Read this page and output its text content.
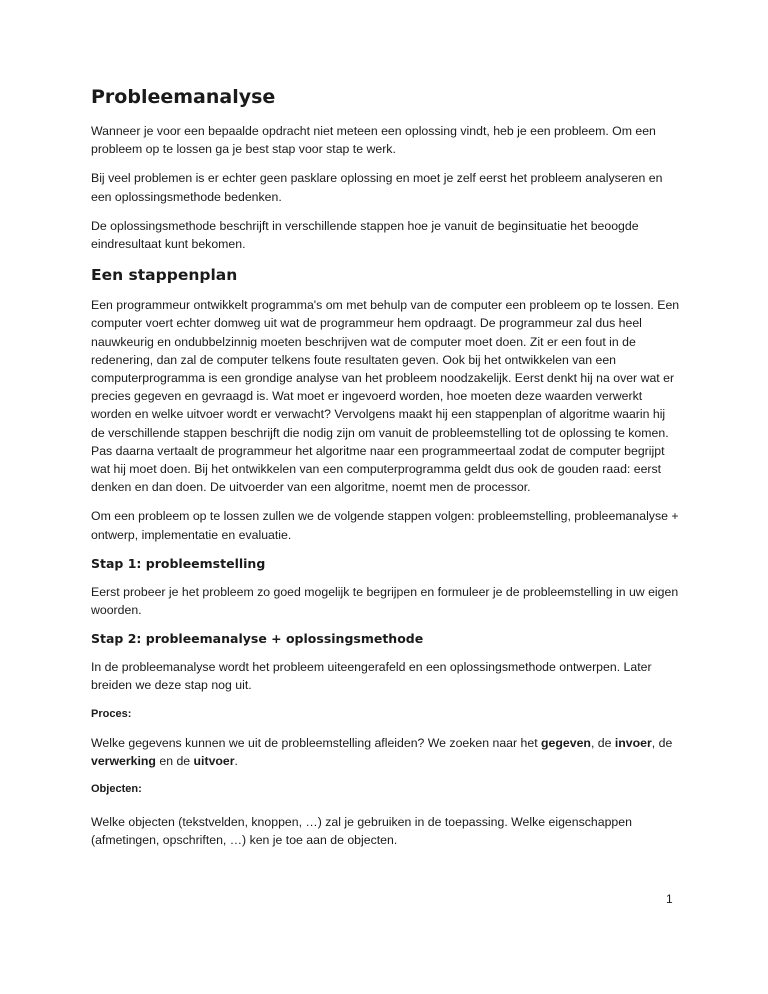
Probleemanalyse

Wanneer je voor een bepaalde opdracht niet meteen een oplossing vindt, heb je een probleem. Om een probleem op te lossen ga je best stap voor stap te werk.

Bij veel problemen is er echter geen pasklare oplossing en moet je zelf eerst het probleem analyseren en een oplossingsmethode bedenken.

De oplossingsmethode beschrijft in verschillende stappen hoe je vanuit de beginsituatie het beoogde eindresultaat kunt bekomen.

Een stappenplan

Een programmeur ontwikkelt programma's om met behulp van de computer een probleem op te lossen. Een computer voert echter domweg uit wat de programmeur hem opdraagt. De programmeur zal dus heel nauwkeurig en ondubbelzinnig moeten beschrijven wat de computer moet doen. Zit er een fout in de redenering, dan zal de computer telkens foute resultaten geven. Ook bij het ontwikkelen van een computerprogramma is een grondige analyse van het probleem noodzakelijk. Eerst denkt hij na over wat er precies gegeven en gevraagd is. Wat moet er ingevoerd worden, hoe moeten deze waarden verwerkt worden en welke uitvoer wordt er verwacht? Vervolgens maakt hij een stappenplan of algoritme waarin hij de verschillende stappen beschrijft die nodig zijn om vanuit de probleemstelling tot de oplossing te komen. Pas daarna vertaalt de programmeur het algoritme naar een programmeertaal zodat de computer begrijpt wat hij moet doen. Bij het ontwikkelen van een computerprogramma geldt dus ook de gouden raad: eerst denken en dan doen. De uitvoerder van een algoritme, noemt men de processor.

Om een probleem op te lossen zullen we de volgende stappen volgen: probleemstelling, probleemanalyse + ontwerp, implementatie en evaluatie.

Stap 1: probleemstelling

Eerst probeer je het probleem zo goed mogelijk te begrijpen en formuleer je de probleemstelling in uw eigen woorden.

Stap 2: probleemanalyse + oplossingsmethode

In de probleemanalyse wordt het probleem uiteengerafeld en een oplossingsmethode ontwerpen. Later breiden we deze stap nog uit.

Proces:

Welke gegevens kunnen we uit de probleemstelling afleiden? We zoeken naar het gegeven, de invoer, de verwerking en de uitvoer.

Objecten:

Welke objecten (tekstvelden, knoppen, …) zal je gebruiken in de toepassing. Welke eigenschappen (afmetingen, opschriften, …) ken je toe aan de objecten.

1
